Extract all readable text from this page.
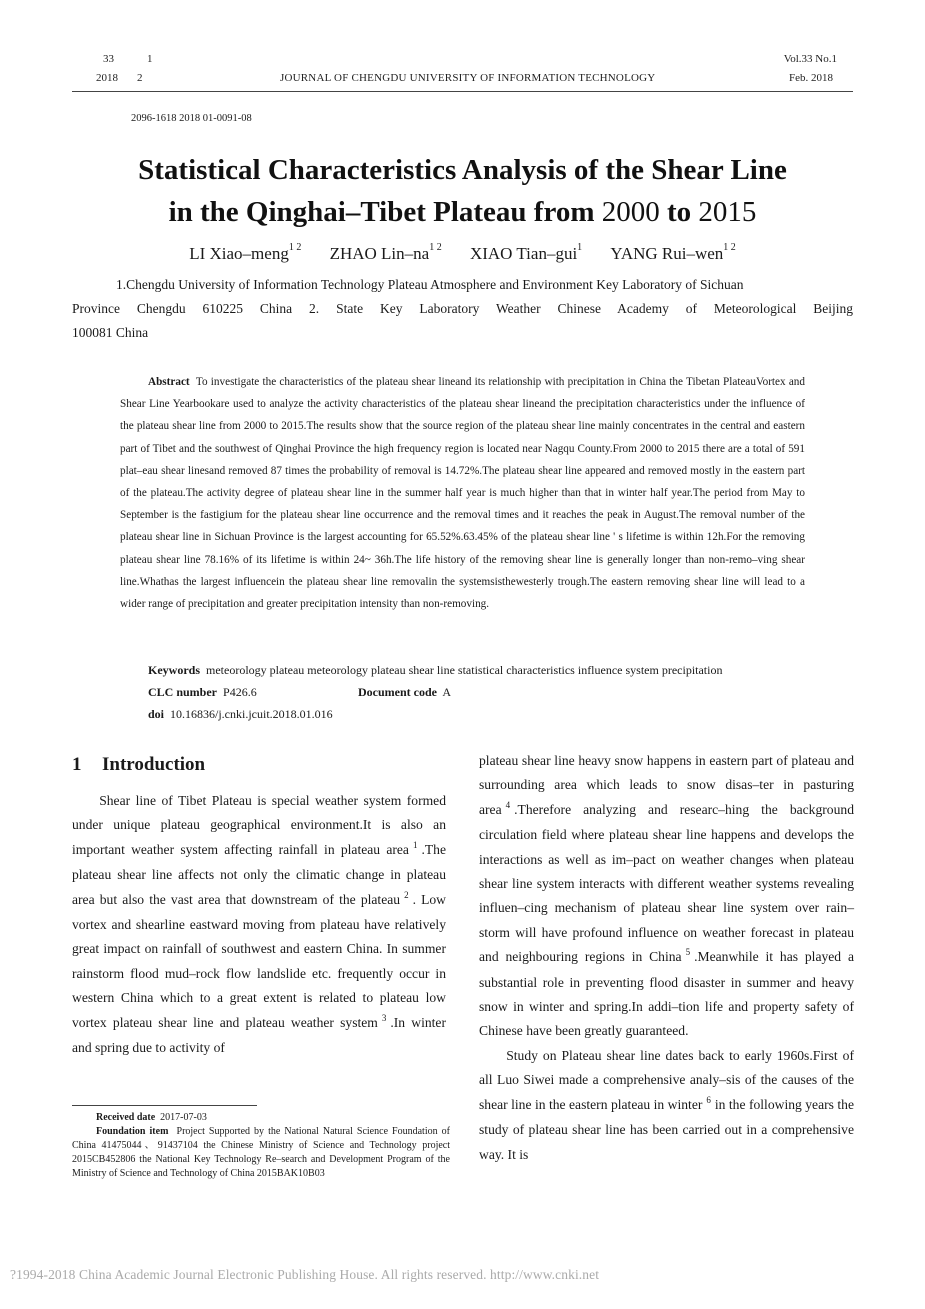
33	1
2018 2	JOURNAL OF CHENGDU UNIVERSITY OF INFORMATION TECHNOLOGY
Vol.33 No.1
Feb. 2018
2096-1618 2018 01-0091-08
Statistical Characteristics Analysis of the Shear Line
in the Qinghai–Tibet Plateau from 2000 to 2015
LI Xiao–meng$^{1 2}$ ZHAO Lin–$na^{1 2}$ XIAO Tian–gui$^1$ YANG Rui–wen$^{1 2}$
1.Chengdu University of Information Technology Plateau Atmosphere and Environment Key Laboratory of Sichuan
Province Chengdu 610225 China 2. State Key Laboratory Weather Chinese Academy of Meteorological Beijing
100081 China
Abstract To investigate the characteristics of the plateau shear lineand its relationship with precipitation in China the Tibetan PlateauVortex and Shear Line Yearbookare used to analyze the activity characteristics of the plateau shear lineand the precipitation characteristics under the influence of the plateau shear line from 2000 to 2015.The results show that the source region of the plateau shear line mainly concentrates in the central and eastern part of Tibet and the southwest of Qinghai Province the high frequency region is located near Nagqu County.From 2000 to 2015 there are a total of 591 plat–eau shear linesand removed 87 times the probability of removal is 14.72%.The plateau shear line appeared and removed mostly in the eastern part of the plateau.The activity degree of plateau shear line in the summer half year is much higher than that in winter half year.The period from May to September is the fastigium for the plateau shear line occurrence and the removal times and it reaches the peak in August.The removal number of the plateau shear line in Sichuan Province is the largest accounting for 65.52%.63.45% of the plateau shear line ' s lifetime is within 12h.For the removing plateau shear line 78.16% of its lifetime is within 24~ 36h.The life history of the removing shear line is generally longer than non-remo–ving shear line.Whathas the largest influencein the plateau shear line removalin the systemsisthewesterly trough.The eastern removing shear line will lead to a wider range of precipitation and greater precipitation intensity than non-removing.
Keywords meteorology plateau meteorology plateau shear line statistical characteristics influence system precipitation
CLC number P426.6	Document code A
doi 10.16836/j.cnki.jcuit.2018.01.016
1 Introduction

Shear line of Tibet Plateau is special weather system formed under unique plateau geographical environment.It is also an important weather system affecting rainfall in plateau area $^1$ .The plateau shear line affects not only the climatic change in plateau area but also the vast area that downstream of the plateau $^2$ . Low vortex and shearline eastward moving from plateau have relatively great impact on rainfall of southwest and eastern China. In summer rainstorm flood mud–rock flow landslide etc. frequently occur in western China which to a great extent is related to plateau low vortex plateau shear line and plateau weather system $^3$ .In winter and spring due to activity of

plateau shear line heavy snow happens in eastern part of plateau and surrounding area which leads to snow disas–ter in pasturing area $^4$ .Therefore analyzing and researc–hing the background circulation field where plateau shear line happens and develops the interactions as well as im–pact on weather changes when plateau shear line system interacts with different weather systems revealing influen–cing mechanism of plateau shear line system over rain–storm will have profound influence on weather forecast in plateau and neighbouring regions in China $^5$ .Meanwhile it has played a substantial role in preventing flood disaster in summer and heavy snow in winter and spring.In addi–tion life and property safety of Chinese have been greatly guaranteed.

Study on Plateau shear line dates back to early 1960s.First of all Luo Siwei made a comprehensive analy–sis of the causes of the shear line in the eastern plateau in winter $^6$ in the following years the study of plateau shear line has been carried out in a comprehensive way. It is

Received date 2017-07-03
Foundation item Project Supported by the National Natural Science Foundation of China 41475044、91437104 the Chinese Ministry of Science and Technology project 2015CB452806 the National Key Technology Re–search and Development Program of the Ministry of Science and Technology of China 2015BAK10B03
?1994-2018 China Academic Journal Electronic Publishing House. All rights reserved. http://www.cnki.net
